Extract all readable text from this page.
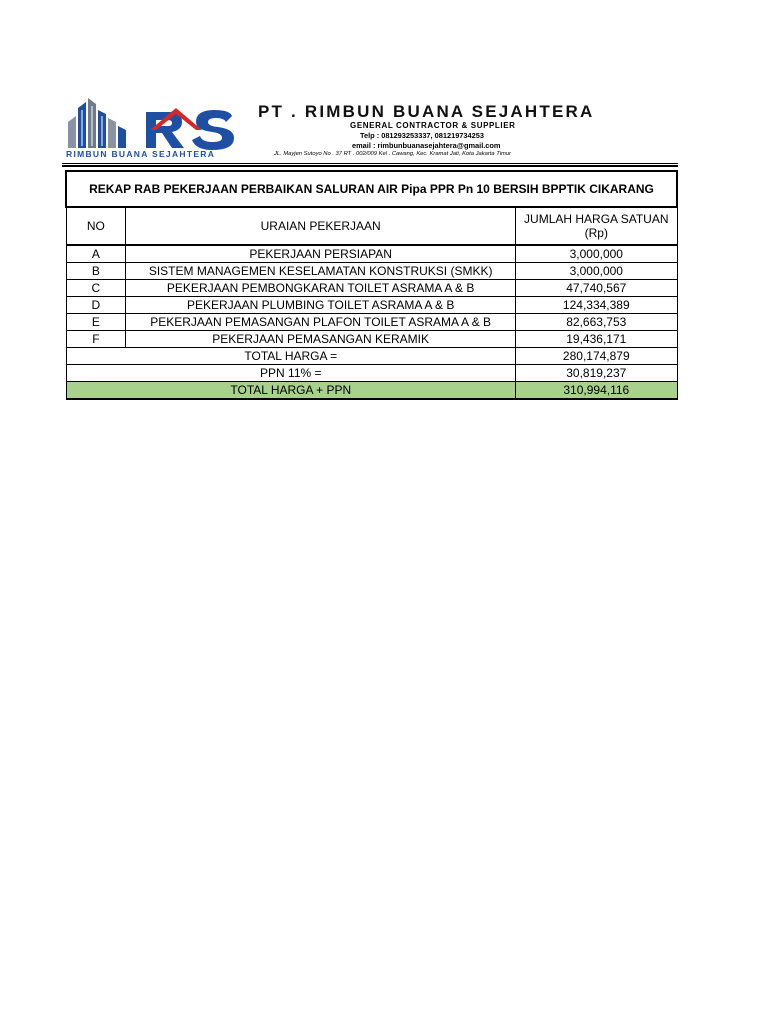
RIMBUN BUANA SEJAHTERA
PT . RIMBUN BUANA SEJAHTERA
GENERAL CONTRACTOR & SUPPLIER
Telp : 081293253337, 081219734253
email : rimbunbuanasejahtera@gmail.com
JL. Mayjen Sutoyo No . 37 RT . 002/009 Kel . Cawang, Kec. Kramat Jati, Kota Jakarta Timur
REKAP RAB PEKERJAAN PERBAIKAN SALURAN AIR Pipa PPR Pn 10 BERSIH BPPTIK CIKARANG		
NO	URAIAN PEKERJAAN	JUMLAH HARGA SATUAN (Rp)
A	PEKERJAAN PERSIAPAN	3,000,000
B	SISTEM MANAGEMEN KESELAMATAN KONSTRUKSI (SMKK)	3,000,000
C	PEKERJAAN PEMBONGKARAN TOILET ASRAMA A & B	47,740,567
D	PEKERJAAN PLUMBING TOILET ASRAMA A & B	124,334,389
E	PEKERJAAN PEMASANGAN PLAFON TOILET ASRAMA A & B	82,663,753
F	PEKERJAAN PEMASANGAN KERAMIK	19,436,171
TOTAL HARGA =		280,174,879
PPN 11% =		30,819,237
TOTAL HARGA + PPN		310,994,116
